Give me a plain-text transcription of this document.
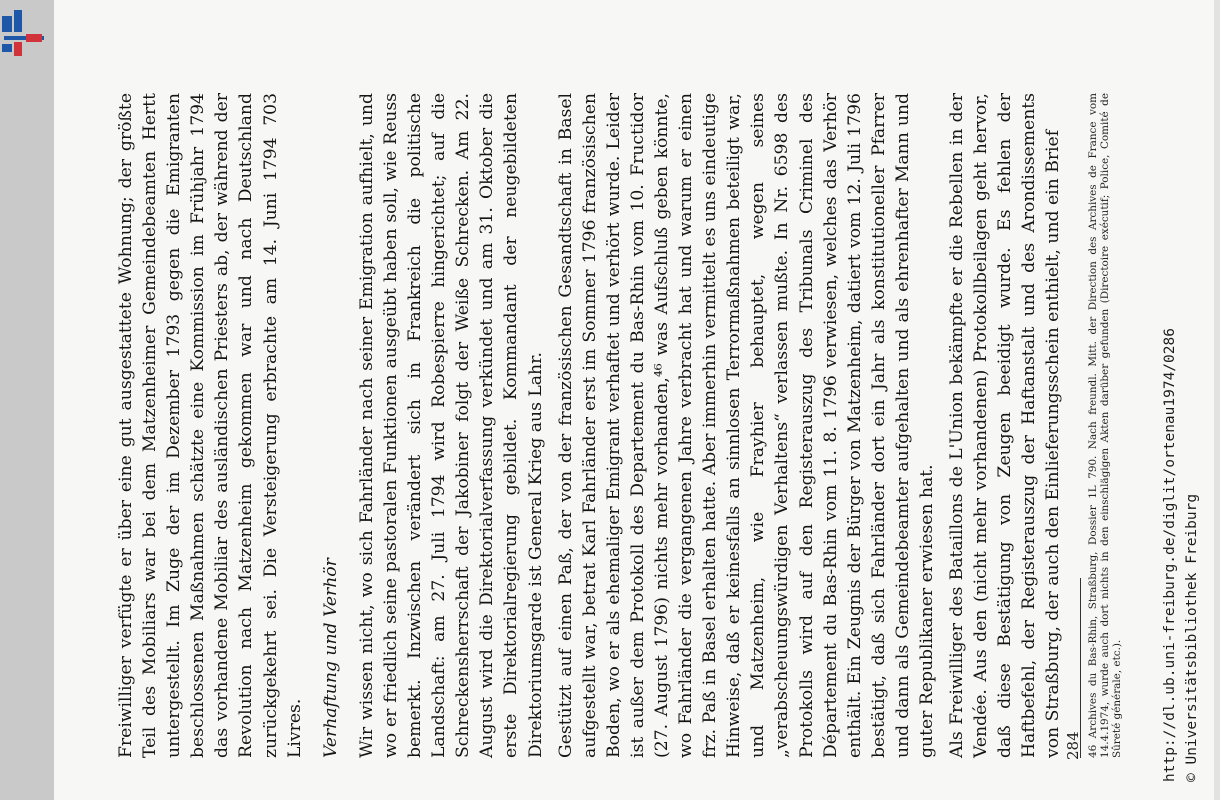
Freiwilliger verfügte er über eine gut ausgestattete Wohnung; der größte Teil des Mobiliars war bei dem Matzenheimer Gemeindebeamten Hertt untergestellt. Im Zuge der im Dezember 1793 gegen die Emigranten beschlossenen Maßnahmen schätzte eine Kommission im Frühjahr 1794 das vorhandene Mobiliar des ausländischen Priesters ab, der während der Revolution nach Matzenheim gekommen war und nach Deutschland zurückgekehrt sei. Die Versteigerung erbrachte am 14. Juni 1794 703 Livres. Verhaftung und Verhör Wir wissen nicht, wo sich Fahrländer nach seiner Emigration aufhielt, und wo er friedlich seine pastoralen Funktionen ausgeübt haben soll, wie Reuss bemerkt. Inzwischen verändert sich in Frankreich die politische Landschaft: am 27. Juli 1794 wird Robespierre hingerichtet; auf die Schreckensherrschaft der Jakobiner folgt der Weiße Schrecken. Am 22. August wird die Direktorialverfassung verkündet und am 31. Oktober die erste Direktorialregierung gebildet. Kommandant der neugebildeten Direktoriumsgarde ist General Krieg aus Lahr. Gestützt auf einen Paß, der von der französischen Gesandtschaft in Basel aufgestellt war, betrat Karl Fahrländer erst im Sommer 1796 französischen Boden, wo er als ehemaliger Emigrant verhaftet und verhört wurde. Leider ist außer dem Protokoll des Departement du Bas-Rhin vom 10. Fructidor (27. August 1796) nichts mehr vorhanden,⁴⁶ was Aufschluß geben könnte, wo Fahrländer die vergangenen Jahre verbracht hat und warum er einen frz. Paß in Basel erhalten hatte. Aber immerhin vermittelt es uns eindeutige Hinweise, daß er keinesfalls an sinnlosen Terrormaßnahmen beteiligt war, und Matzenheim, wie Frayhier behauptet, wegen seines „verabscheuungswürdigen Verhaltens“ verlassen mußte. In Nr. 6598 des Protokolls wird auf den Registerauszug des Tribunals Criminel des Département du Bas-Rhin vom 11. 8. 1796 verwiesen, welches das Verhör enthält. Ein Zeugnis der Bürger von Matzenheim, datiert vom 12. Juli 1796 bestätigt, daß sich Fahrländer dort ein Jahr als konstitutioneller Pfarrer und dann als Gemeindebeamter aufgehalten und als ehrenhafter Mann und guter Republikaner erwiesen hat. Als Freiwilliger des Bataillons de L'Union bekämpfte er die Rebellen in der Vendée. Aus den (nicht mehr vorhandenen) Protokollbeilagen geht hervor, daß diese Bestätigung von Zeugen beeidigt wurde. Es fehlen der Haftbefehl, der Registerauszug der Haftanstalt und des Arondissements von Straßburg, der auch den Einlieferungsschein enthielt, und ein Brief 46 Archives du Bas-Rhin, Straßburg, Dossier 1L 790. Nach freundl. Mitt. der Direction des Archives de France vom 14.4.1974, wurde auch dort nichts in den einschlägigen Akten darüber gefunden (Directoire exécutif; Police, Comité de Sûreté générale, etc.).
284	http://dl.ub.uni-freiburg.de/diglit/ortenau1974/0286 © Universitätsbibliothek Freiburg
